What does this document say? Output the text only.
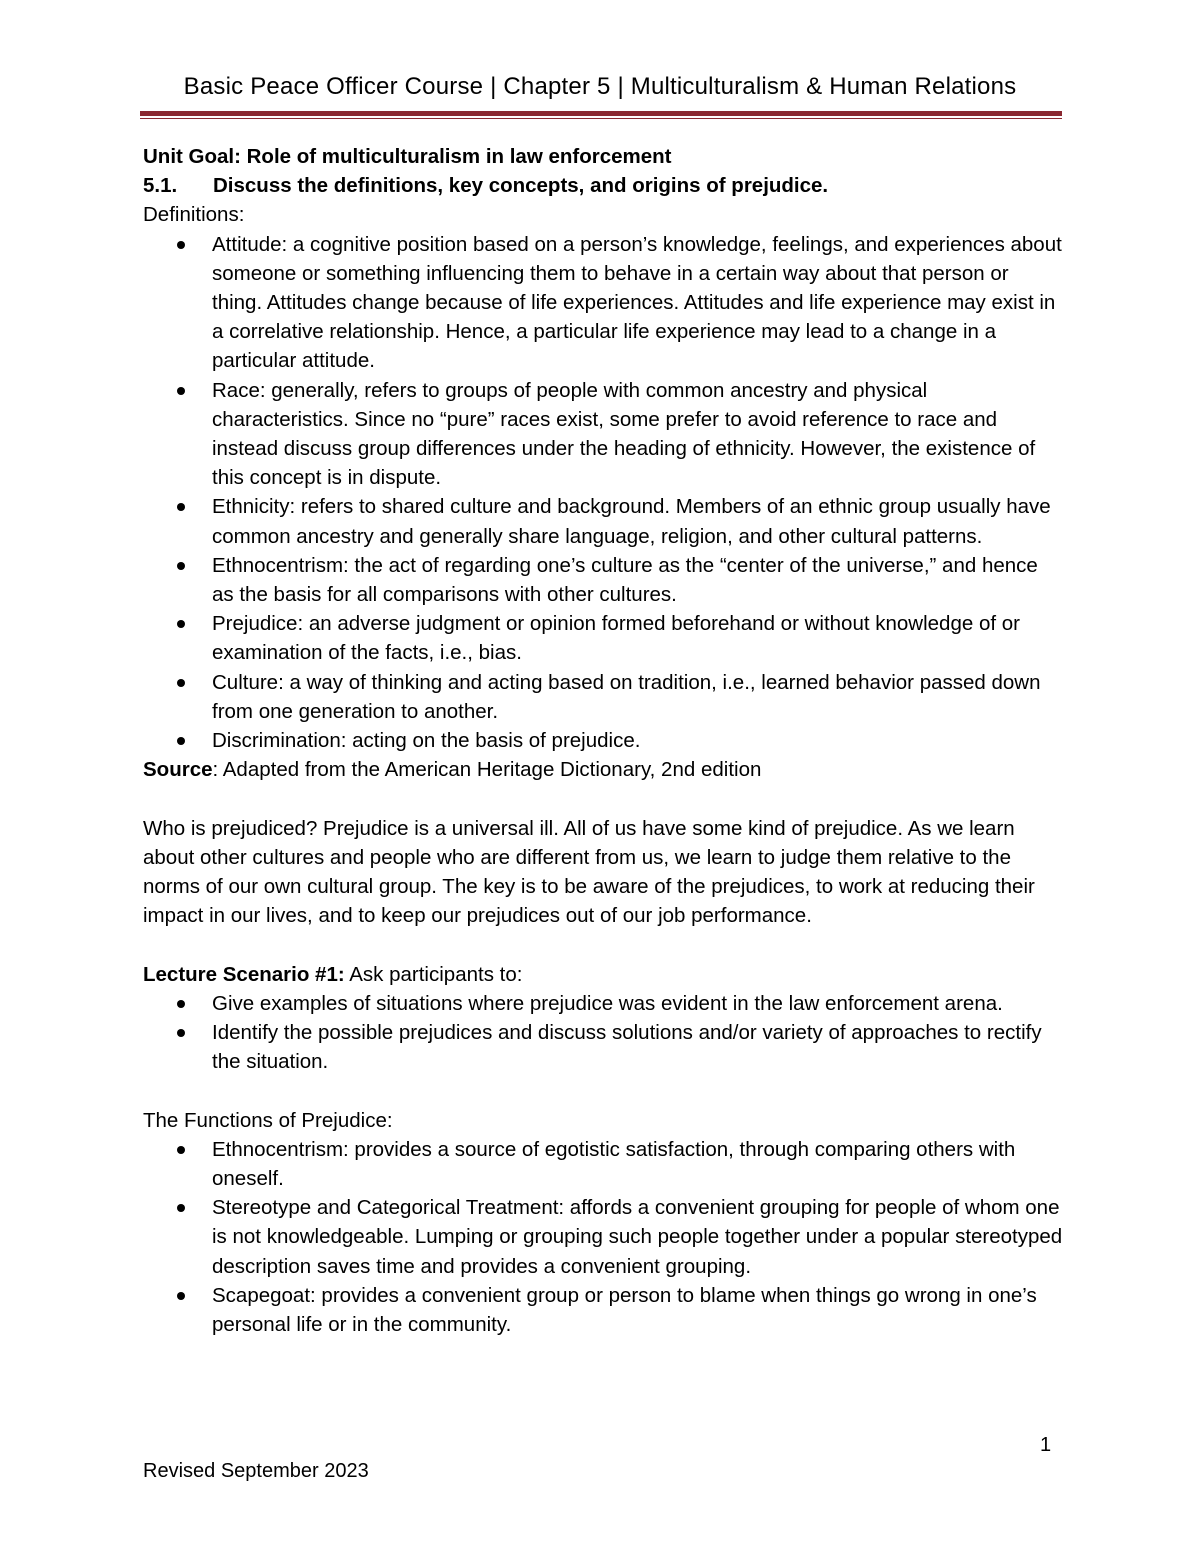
Basic Peace Officer Course | Chapter 5 | Multiculturalism & Human Relations

Unit Goal: Role of multiculturalism in law enforcement

5.1. Discuss the definitions, key concepts, and origins of prejudice.

Definitions:

Attitude: a cognitive position based on a person’s knowledge, feelings, and experiences about someone or something influencing them to behave in a certain way about that person or thing. Attitudes change because of life experiences. Attitudes and life experience may exist in a correlative relationship. Hence, a particular life experience may lead to a change in a particular attitude.
Race: generally, refers to groups of people with common ancestry and physical characteristics. Since no “pure” races exist, some prefer to avoid reference to race and instead discuss group differences under the heading of ethnicity. However, the existence of this concept is in dispute.
Ethnicity: refers to shared culture and background. Members of an ethnic group usually have common ancestry and generally share language, religion, and other cultural patterns.
Ethnocentrism: the act of regarding one’s culture as the “center of the universe,” and hence as the basis for all comparisons with other cultures.
Prejudice: an adverse judgment or opinion formed beforehand or without knowledge of or examination of the facts, i.e., bias.
Culture: a way of thinking and acting based on tradition, i.e., learned behavior passed down from one generation to another.
Discrimination: acting on the basis of prejudice.

Source: Adapted from the American Heritage Dictionary, 2nd edition

Who is prejudiced? Prejudice is a universal ill. All of us have some kind of prejudice. As we learn about other cultures and people who are different from us, we learn to judge them relative to the norms of our own cultural group. The key is to be aware of the prejudices, to work at reducing their impact in our lives, and to keep our prejudices out of our job performance.

Lecture Scenario #1: Ask participants to:

Give examples of situations where prejudice was evident in the law enforcement arena.
Identify the possible prejudices and discuss solutions and/or variety of approaches to rectify the situation.

The Functions of Prejudice:

Ethnocentrism: provides a source of egotistic satisfaction, through comparing others with oneself.
Stereotype and Categorical Treatment: affords a convenient grouping for people of whom one is not knowledgeable. Lumping or grouping such people together under a popular stereotyped description saves time and provides a convenient grouping.
Scapegoat: provides a convenient group or person to blame when things go wrong in one’s personal life or in the community.
1
Revised September 2023
